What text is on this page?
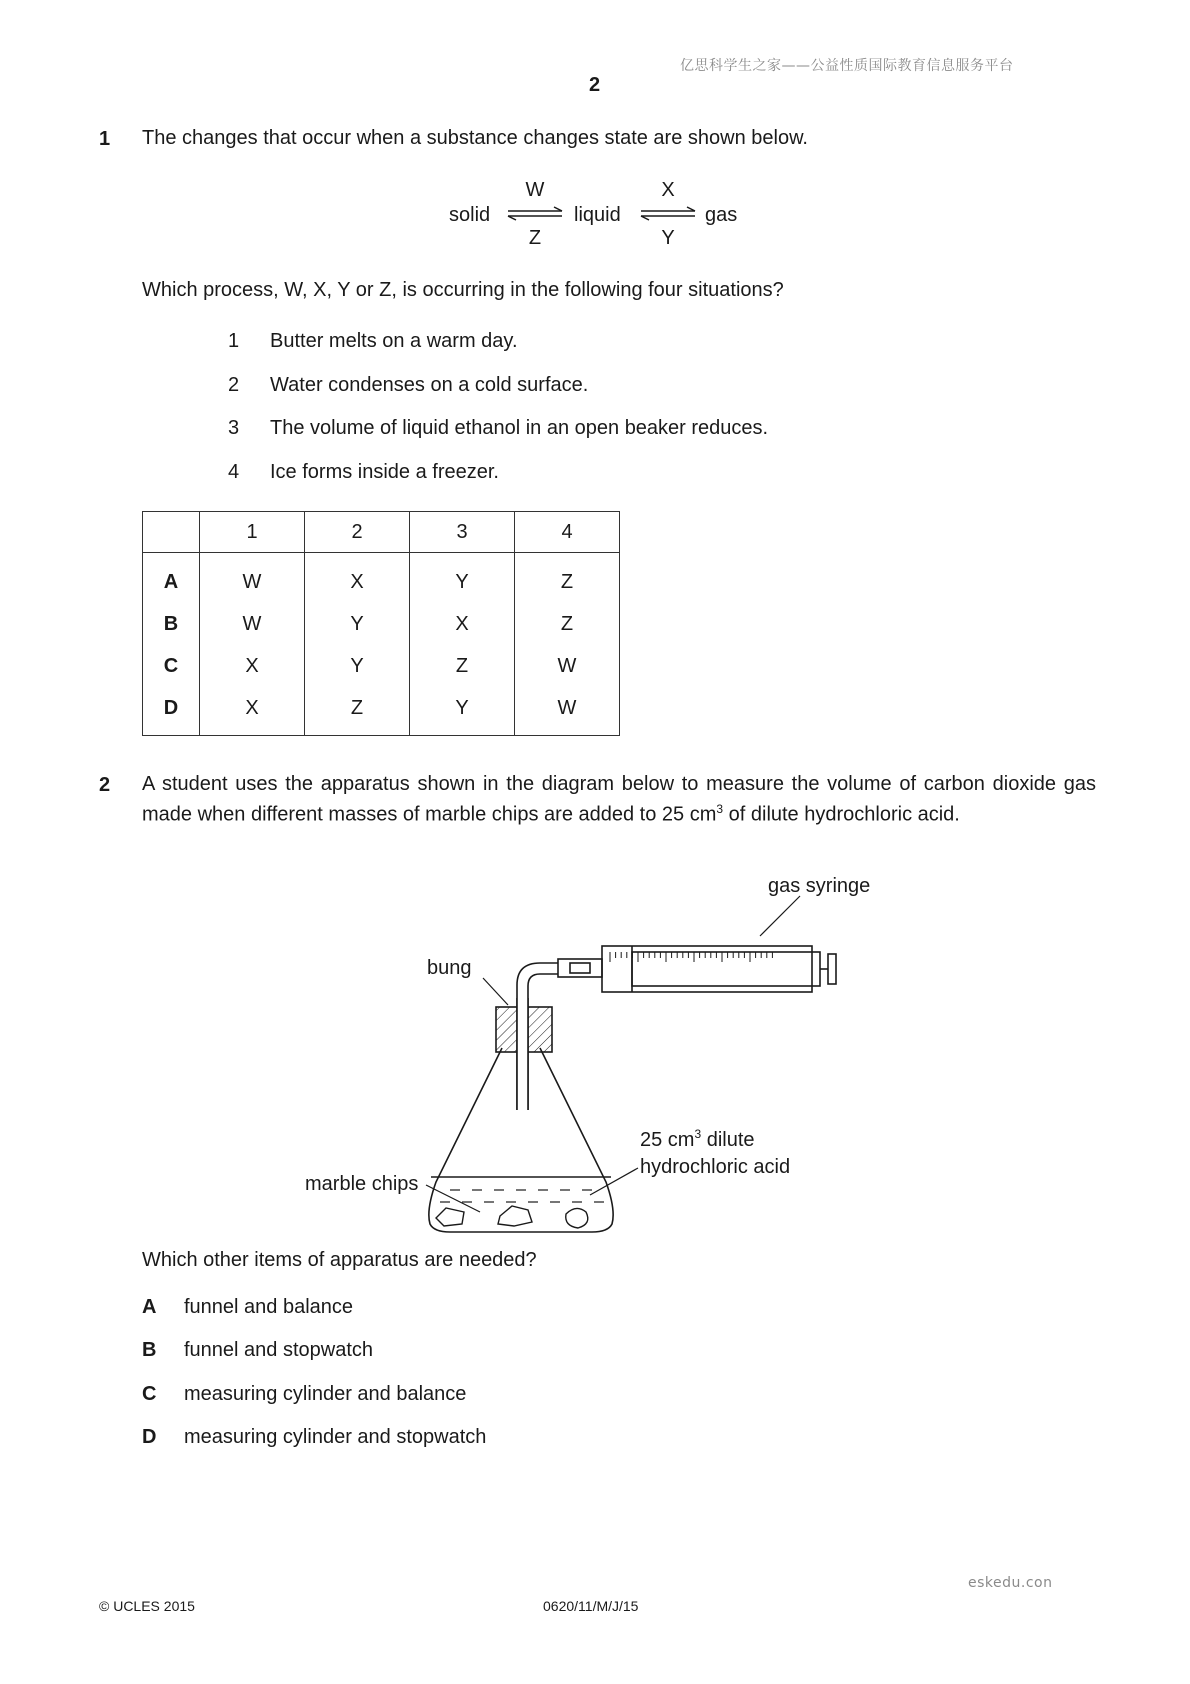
亿思科学生之家——公益性质国际教育信息服务平台
2
1 The changes that occur when a substance changes state are shown below.
W
Z
X
Y
solid	liquid	gas
Which process, W, X, Y or Z, is occurring in the following four situations?
1 Butter melts on a warm day.
2 Water condenses on a cold surface.
3 The volume of liquid ethanol in an open beaker reduces.
4 Ice forms inside a freezer.
	1	2	3	4
A	W	X	Y	Z
B	W	Y	X	Z
C	X	Y	Z	W
D	X	Z	Y	W
2 A student uses the apparatus shown in the diagram below to measure the volume of carbon dioxide gas made when different masses of marble chips are added to 25 $cm^3$ of dilute hydrochloric acid.
gas syringe
bung
25 $cm^3$ dilute
hydrochloric acid
marble chips
Which other items of apparatus are needed?
A funnel and balance
B funnel and stopwatch
C measuring cylinder and balance
D measuring cylinder and stopwatch
eskedu.con
© UCLES 2015	0620/11/M/J/15
